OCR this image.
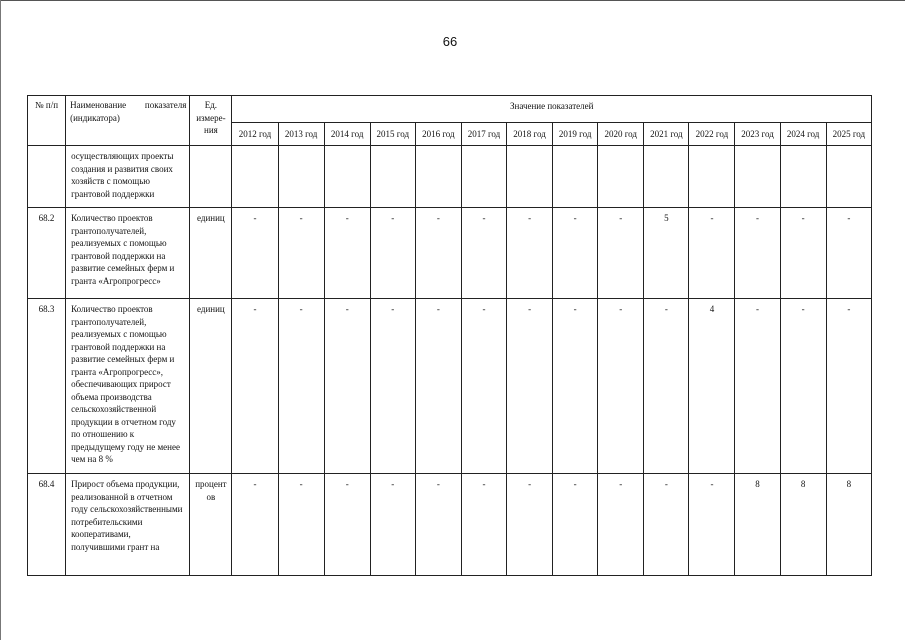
66
№ п/п	Наименование показателя (индикатора)	Ед. измере- ния	Значение показателей													
			2012 год	2013 год	2014 год	2015 год	2016 год	2017 год	2018 год	2019 год	2020 год	2021 год	2022 год	2023 год	2024 год	2025 год
	осуществляющих проекты создания и развития своих хозяйств с помощью грантовой поддержки															
68.2	Количество проектов грантополучателей, реализуемых с помощью грантовой поддержки на развитие семейных ферм и гранта «Агропрогресс»	единиц	-	-	-	-	-	-	-	-	-	5	-	-	-	-
68.3	Количество проектов грантополучателей, реализуемых с помощью грантовой поддержки на развитие семейных ферм и гранта «Агропрогресс», обеспечивающих прирост объема производства сельскохозяйственной продукции в отчетном году по отношению к предыдущему году не менее чем на 8 %	единиц	-	-	-	-	-	-	-	-	-	-	4	-	-	-
68.4	Прирост объема продукции, реализованной в отчетном году сельскохозяйственными потребительскими кооперативами, получившими грант на	процент ов	-	-	-	-	-	-	-	-	-	-	-	8	8	8
